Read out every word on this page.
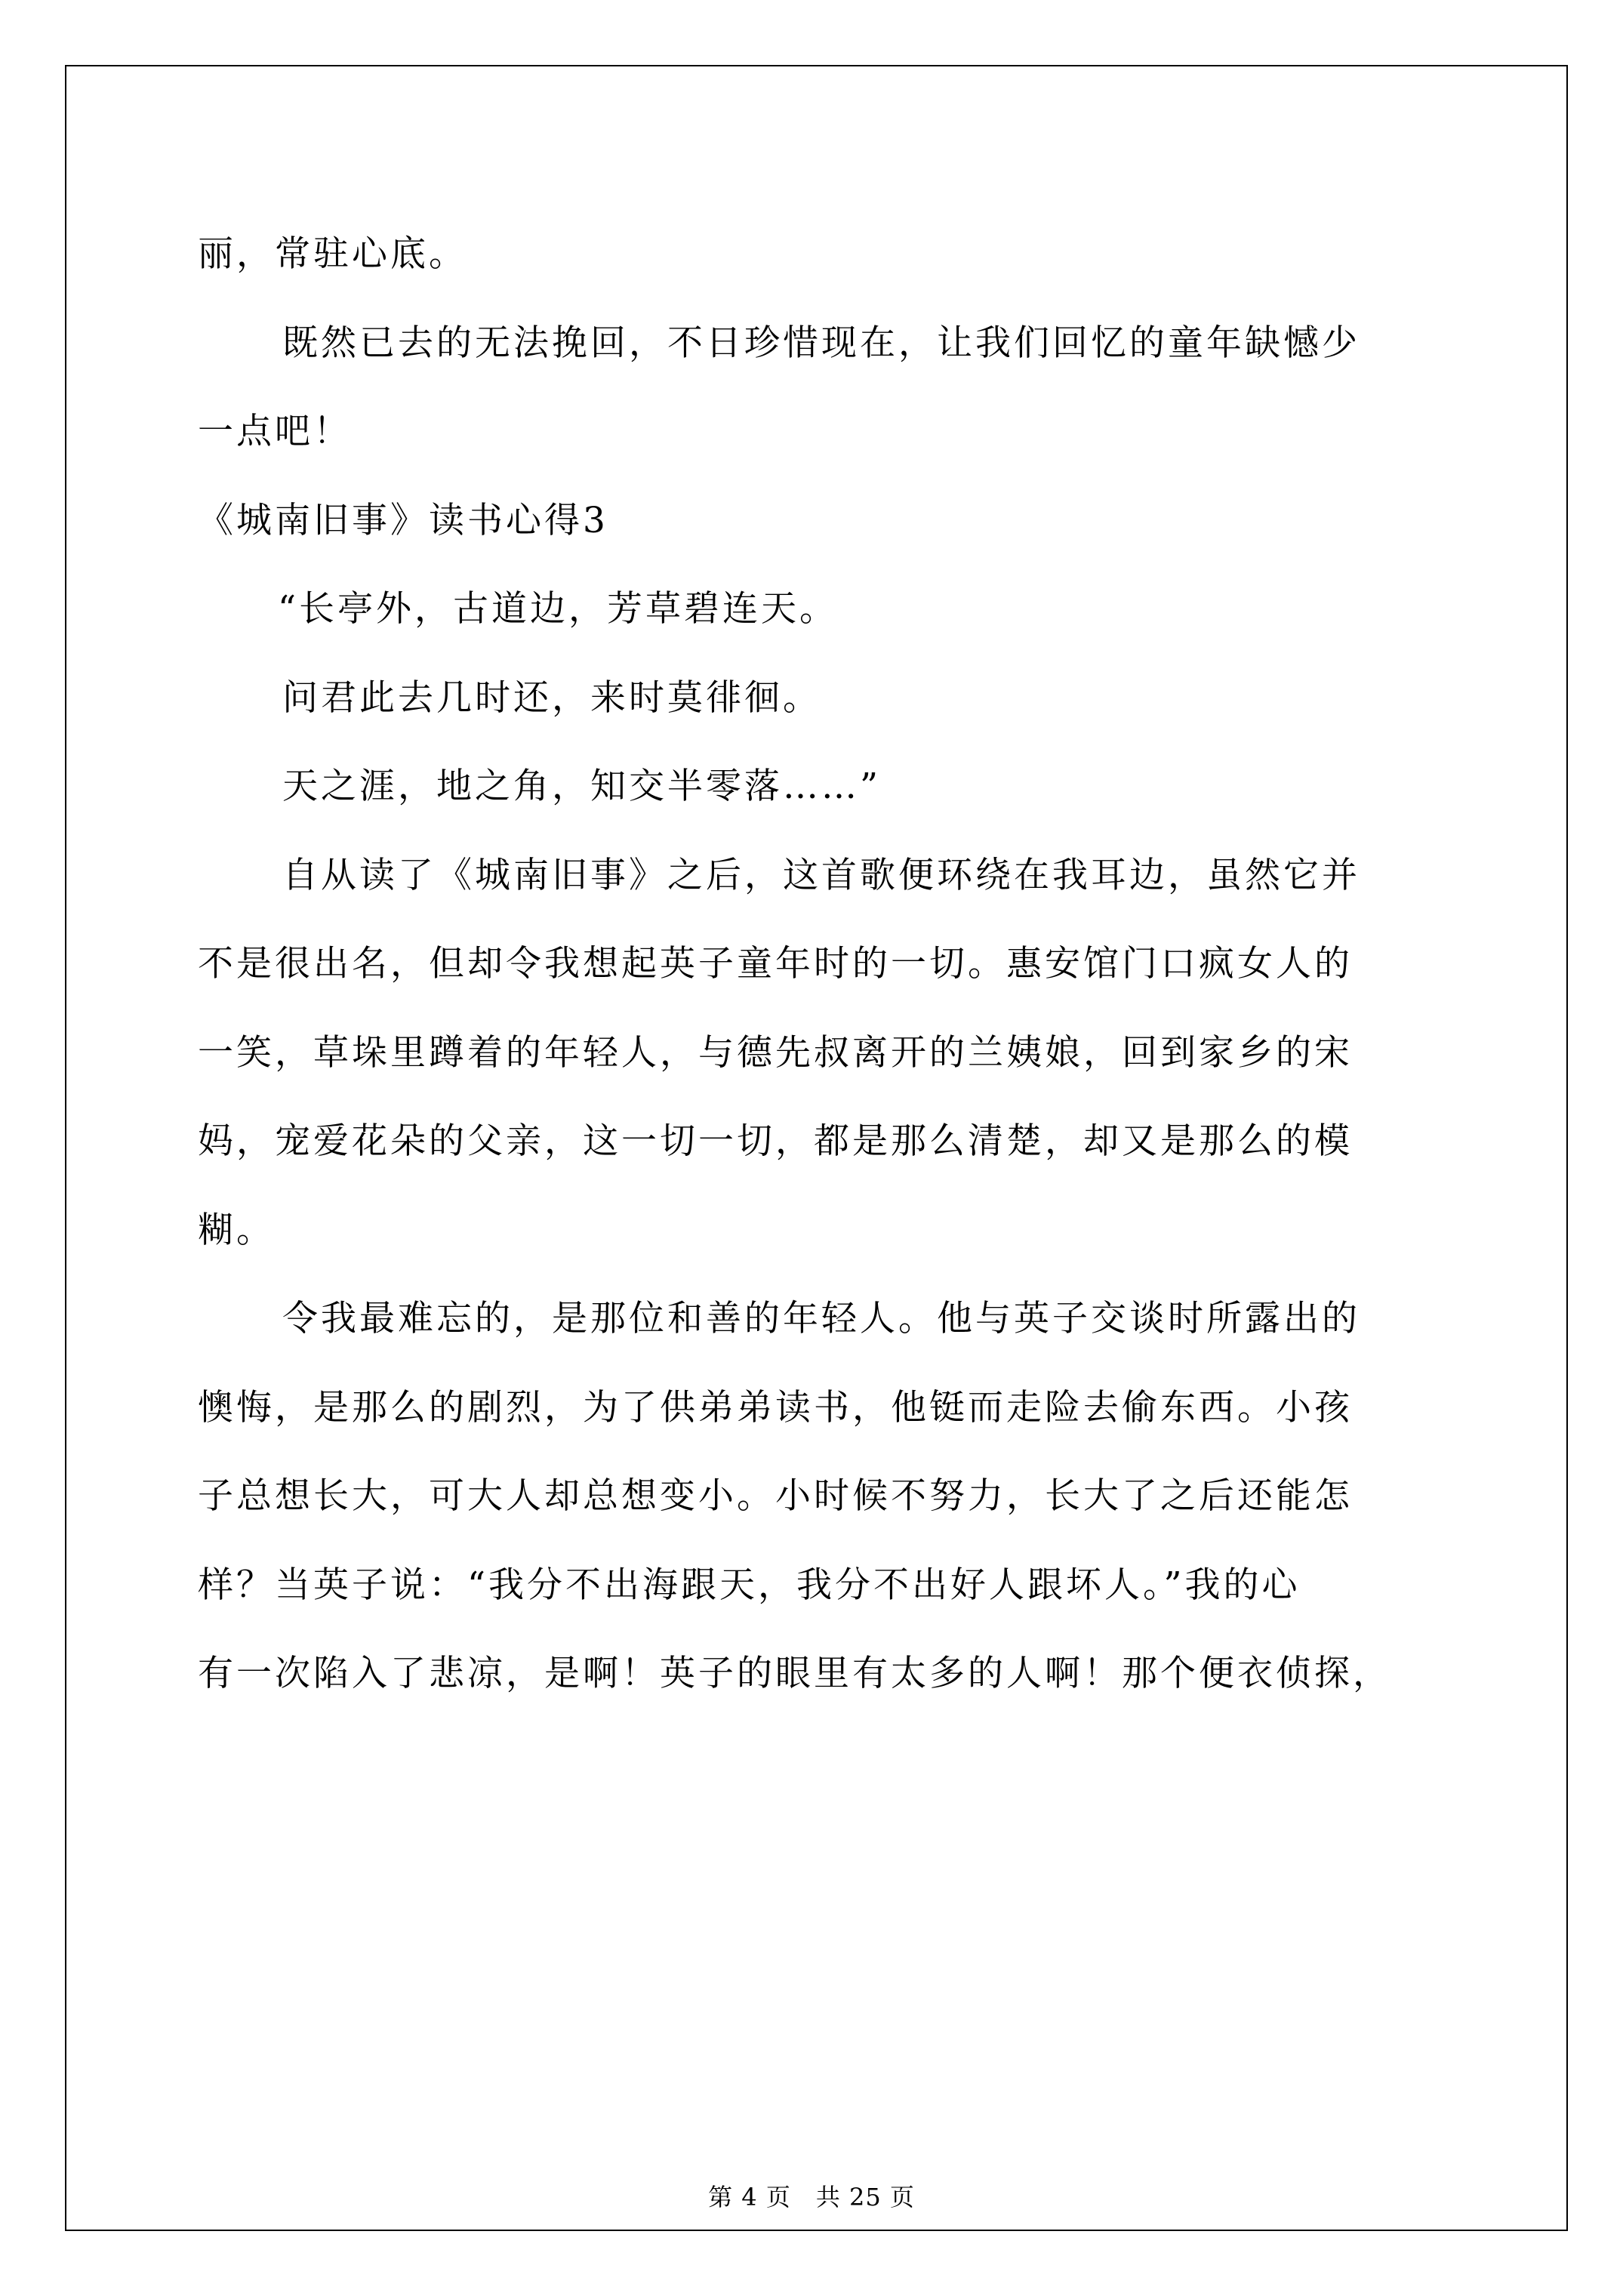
丽，常驻心底。
既然已去的无法挽回，不日珍惜现在，让我们回忆的童年缺憾少
一点吧！
《城南旧事》读书心得3
“长亭外，古道边，芳草碧连天。
问君此去几时还，来时莫徘徊。
天之涯，地之角，知交半零落……”
自从读了《城南旧事》之后，这首歌便环绕在我耳边，虽然它并
不是很出名，但却令我想起英子童年时的一切。惠安馆门口疯女人的
一笑，草垛里蹲着的年轻人，与德先叔离开的兰姨娘，回到家乡的宋
妈，宠爱花朵的父亲，这一切一切，都是那么清楚，却又是那么的模
糊。
令我最难忘的，是那位和善的年轻人。他与英子交谈时所露出的
懊悔，是那么的剧烈，为了供弟弟读书，他铤而走险去偷东西。小孩
子总想长大，可大人却总想变小。小时候不努力，长大了之后还能怎
样？当英子说：“我分不出海跟天，我分不出好人跟坏人。”我的心
有一次陷入了悲凉，是啊！英子的眼里有太多的人啊！那个便衣侦探，
第 4 页　共 25 页
